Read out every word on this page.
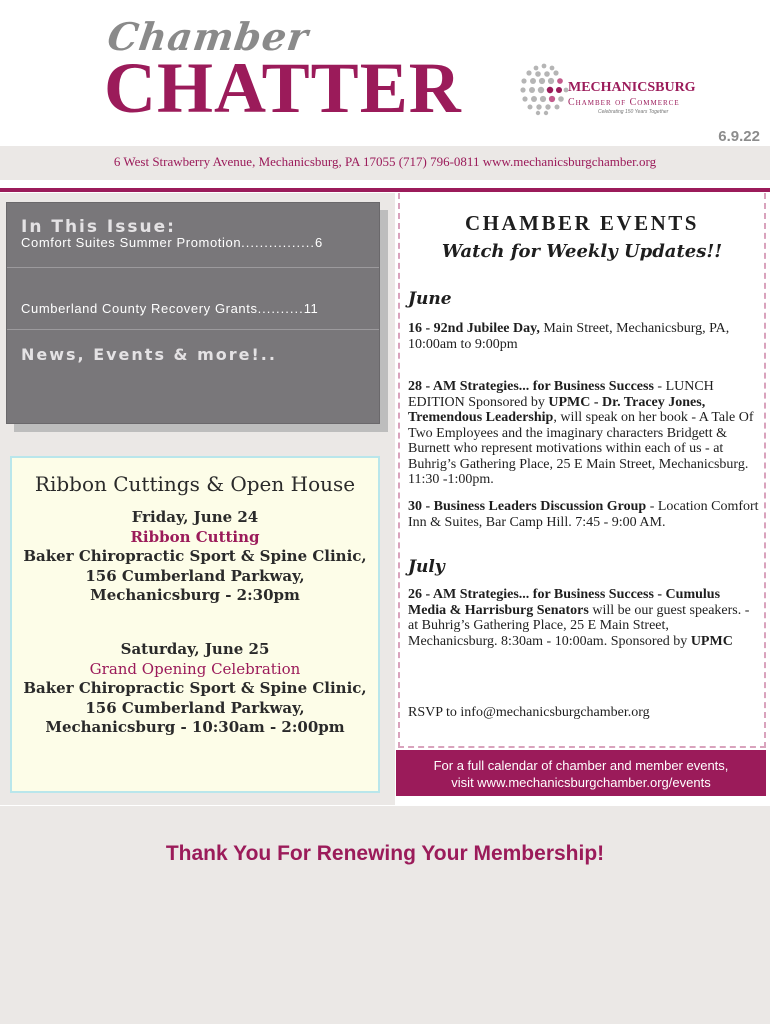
Chamber
CHATTER	MECHANICSBURG
Chamber of Commerce
Celebrating 150 Years Together
6.9.22
6 West Strawberry Avenue, Mechanicsburg, PA 17055 (717) 796-0811 www.mechanicsburgchamber.org
In This Issue:
Comfort Suites Summer Promotion................6
Cumberland County Recovery Grants..........11
News, Events & more!..
Ribbon Cuttings & Open House
Friday, June 24
Ribbon Cutting
Baker Chiropractic Sport & Spine Clinic,
156 Cumberland Parkway,
Mechanicsburg - 2:30pm
Saturday, June 25
Grand Opening Celebration
Baker Chiropractic Sport & Spine Clinic,
156 Cumberland Parkway,
Mechanicsburg - 10:30am - 2:00pm
CHAMBER EVENTS
Watch for Weekly Updates!!
June
16 - 92nd Jubilee Day, Main Street, Mechanicsburg, PA, 10:00am to 9:00pm
28 - AM Strategies... for Business Success - LUNCH EDITION Sponsored by UPMC - Dr. Tracey Jones, Tremendous Leadership, will speak on her book - A Tale Of Two Employees and the imaginary characters Bridgett & Burnett who represent motivations within each of us - at Buhrig’s Gathering Place, 25 E Main Street, Mechanicsburg. 11:30 -1:00pm.
30 - Business Leaders Discussion Group - Location Comfort Inn & Suites, Bar Camp Hill. 7:45 - 9:00 AM.
July
26 - AM Strategies... for Business Success - Cumulus Media & Harrisburg Senators will be our guest speakers. - at Buhrig’s Gathering Place, 25 E Main Street, Mechanicsburg. 8:30am - 10:00am. Sponsored by UPMC
RSVP to info@mechanicsburgchamber.org
For a full calendar of chamber and member events,
visit www.mechanicsburgchamber.org/events
Thank You For Renewing Your Membership!
